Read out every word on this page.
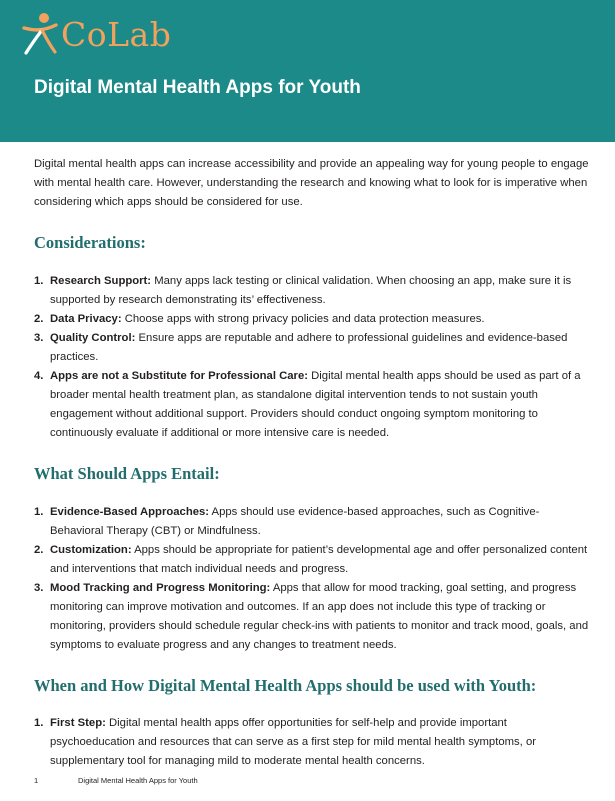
CoLab
Digital Mental Health Apps for Youth

Digital mental health apps can increase accessibility and provide an appealing way for young people to engage with mental health care. However, understanding the research and knowing what to look for is imperative when considering which apps should be considered for use.

Considerations:
1. Research Support: Many apps lack testing or clinical validation. When choosing an app, make sure it is supported by research demonstrating its’ effectiveness.
2. Data Privacy: Choose apps with strong privacy policies and data protection measures.
3. Quality Control: Ensure apps are reputable and adhere to professional guidelines and evidence-based practices.
4. Apps are not a Substitute for Professional Care: Digital mental health apps should be used as part of a broader mental health treatment plan, as standalone digital intervention tends to not sustain youth engagement without additional support. Providers should conduct ongoing symptom monitoring to continuously evaluate if additional or more intensive care is needed.
What Should Apps Entail:
1. Evidence-Based Approaches: Apps should use evidence-based approaches, such as Cognitive-Behavioral Therapy (CBT) or Mindfulness.
2. Customization: Apps should be appropriate for patient’s developmental age and offer personalized content and interventions that match individual needs and progress.
3. Mood Tracking and Progress Monitoring: Apps that allow for mood tracking, goal setting, and progress monitoring can improve motivation and outcomes. If an app does not include this type of tracking or monitoring, providers should schedule regular check-ins with patients to monitor and track mood, goals, and symptoms to evaluate progress and any changes to treatment needs.
When and How Digital Mental Health Apps should be used with Youth:
1. First Step: Digital mental health apps offer opportunities for self-help and provide important psychoeducation and resources that can serve as a first step for mild mental health symptoms, or supplementary tool for managing mild to moderate mental health concerns.
1	Digital Mental Health Apps for Youth
